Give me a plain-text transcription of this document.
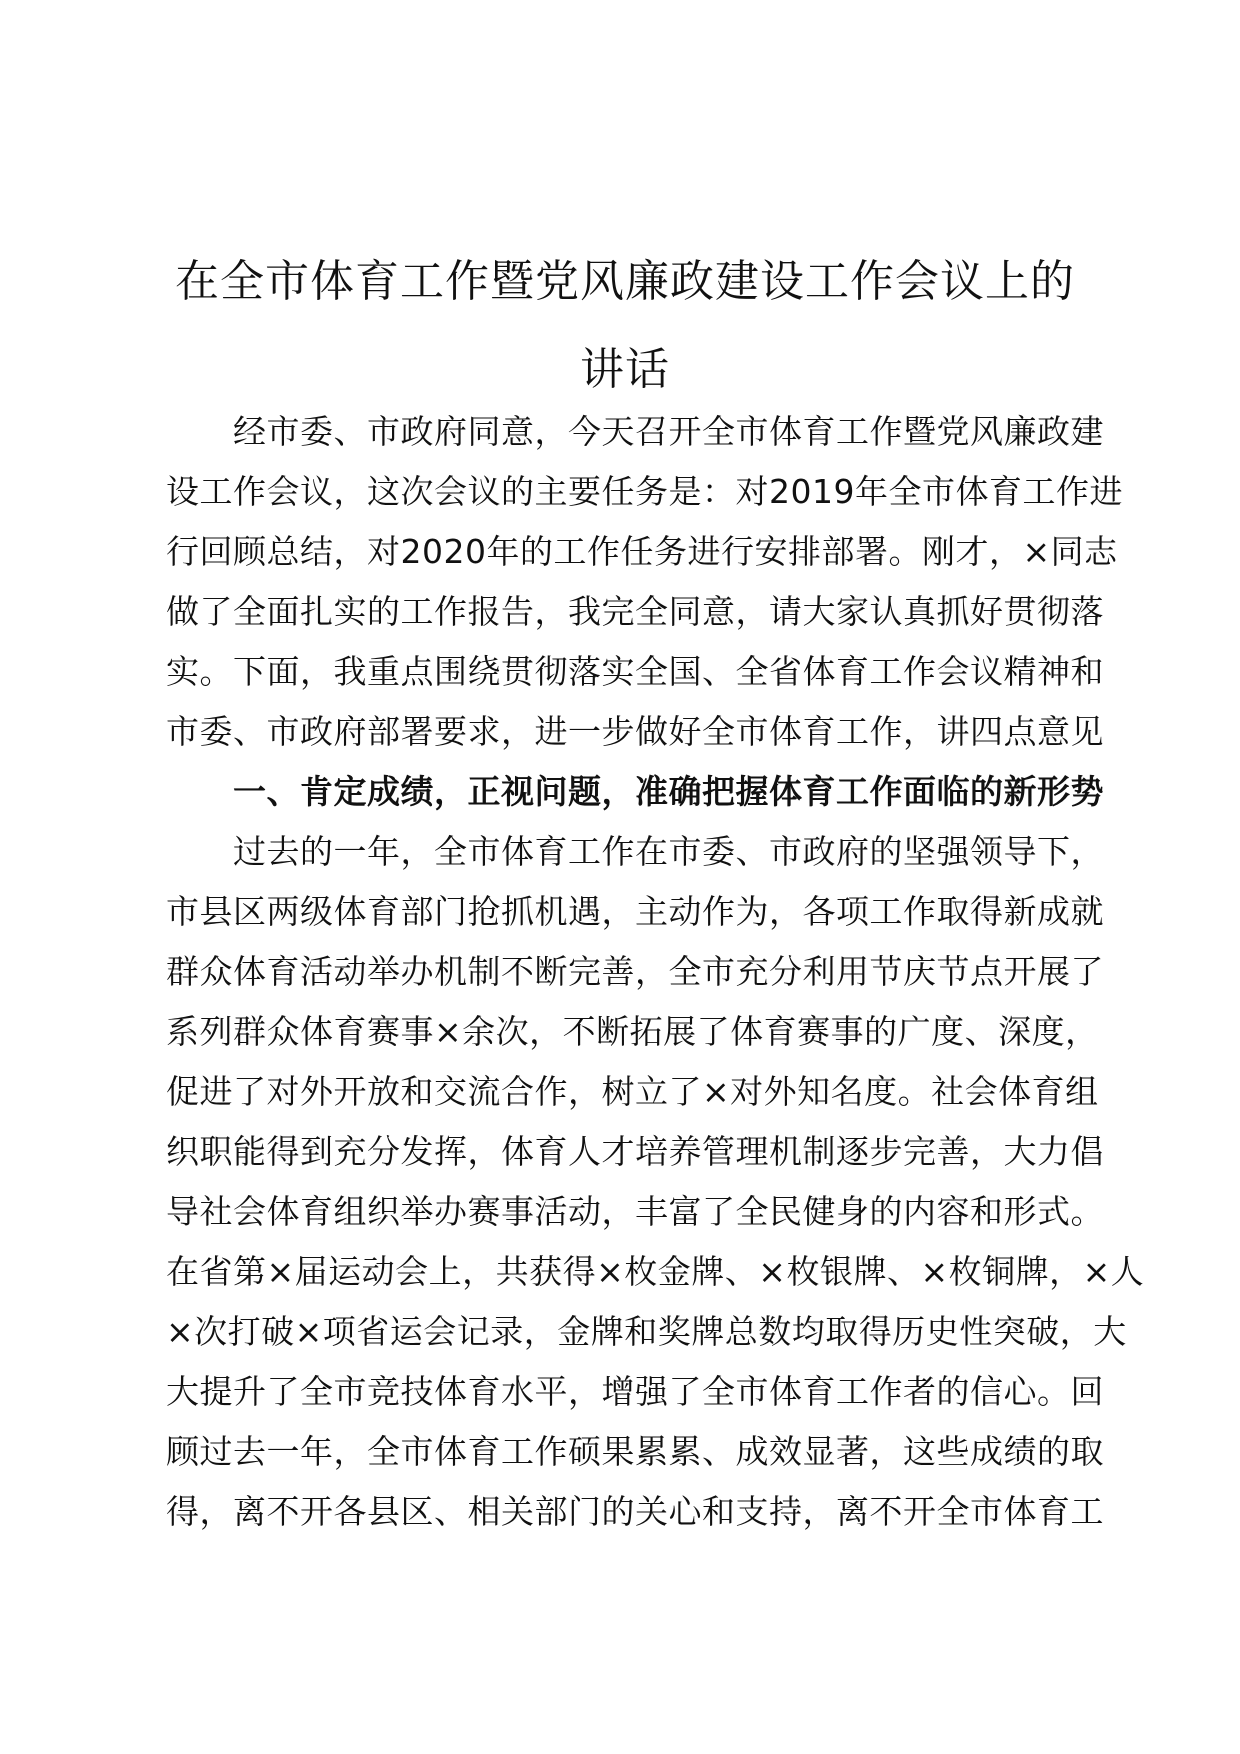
在全市体育工作暨党风廉政建设工作会议上的
讲话
经市委、市政府同意，今天召开全市体育工作暨党风廉政建
设工作会议，这次会议的主要任务是：对2019年全市体育工作进
行回顾总结，对2020年的工作任务进行安排部署。刚才，×同志
做了全面扎实的工作报告，我完全同意，请大家认真抓好贯彻落
实。下面，我重点围绕贯彻落实全国、全省体育工作会议精神和
市委、市政府部署要求，进一步做好全市体育工作，讲四点意见
一、肯定成绩，正视问题，准确把握体育工作面临的新形势
过去的一年，全市体育工作在市委、市政府的坚强领导下，
市县区两级体育部门抢抓机遇，主动作为，各项工作取得新成就
群众体育活动举办机制不断完善，全市充分利用节庆节点开展了
系列群众体育赛事×余次，不断拓展了体育赛事的广度、深度，
促进了对外开放和交流合作，树立了×对外知名度。社会体育组
织职能得到充分发挥，体育人才培养管理机制逐步完善，大力倡
导社会体育组织举办赛事活动，丰富了全民健身的内容和形式。
在省第×届运动会上，共获得×枚金牌、×枚银牌、×枚铜牌，×人
×次打破×项省运会记录，金牌和奖牌总数均取得历史性突破，大
大提升了全市竞技体育水平，增强了全市体育工作者的信心。回
顾过去一年，全市体育工作硕果累累、成效显著，这些成绩的取
得，离不开各县区、相关部门的关心和支持，离不开全市体育工
